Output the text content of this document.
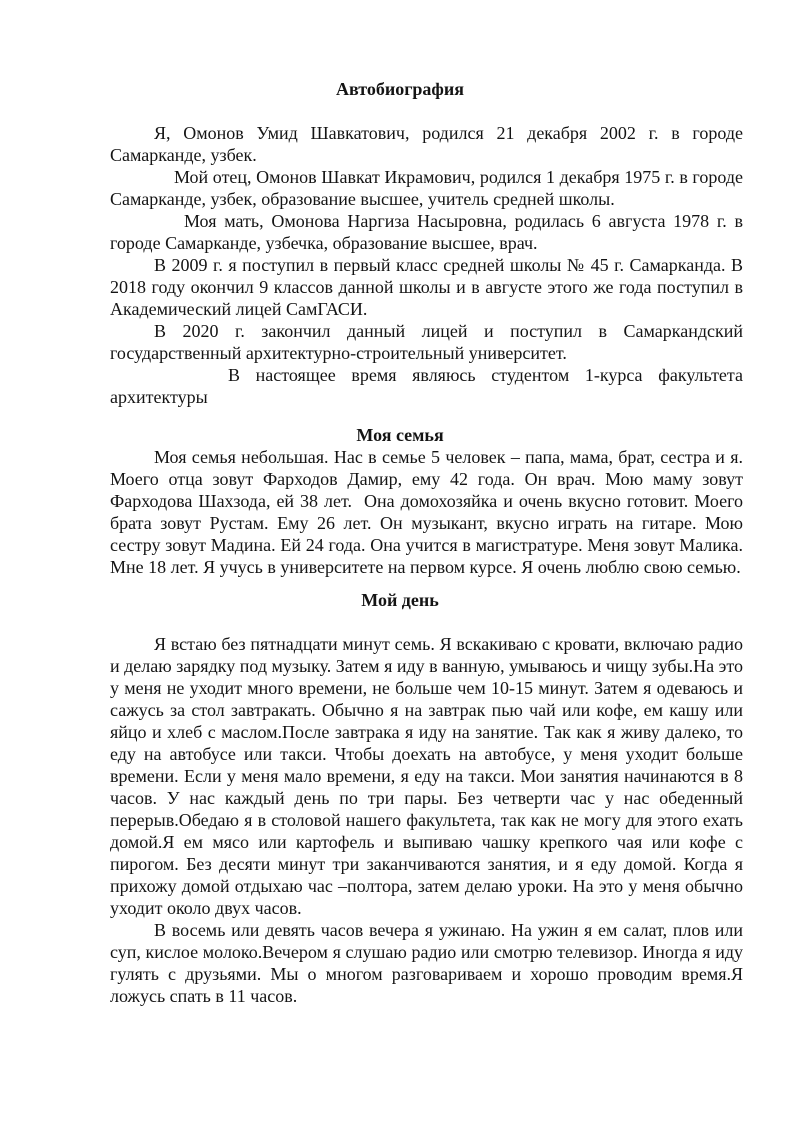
Автобиография

Я, Омонов Умид Шавкатович, родился 21 декабря 2002 г. в городе Самарканде, узбек.

Мой отец, Омонов Шавкат Икрамович, родился 1 декабря 1975 г. в городе Самарканде, узбек, образование высшее, учитель средней школы.

Моя мать, Омонова Наргиза Насыровна, родилась 6 августа 1978 г. в городе Самарканде, узбечка, образование высшее, врач.

В 2009 г. я поступил в первый класс средней школы № 45 г. Самарканда. В 2018 году окончил 9 классов данной школы и в августе этого же года поступил в Академический лицей СамГАСИ.

В 2020 г. закончил данный лицей и поступил в Самаркандский государственный архитектурно-строительный университет.

В настоящее время являюсь студентом 1-курса факультета архитектуры

Моя семья

Моя семья небольшая. Нас в семье 5 человек – папа, мама, брат, сестра и я. Моего отца зовут Фарходов Дамир, ему 42 года. Он врач. Мою маму зовут Фарходова Шахзода, ей 38 лет.  Она домохозяйка и очень вкусно готовит. Моего брата зовут Рустам. Ему 26 лет. Он музыкант, вкусно играть на гитаре. Мою сестру зовут Мадина. Ей 24 года. Она учится в магистратуре. Меня зовут Малика. Мне 18 лет. Я учусь в университете на первом курсе. Я очень люблю свою семью.

Мой день

Я встаю без пятнадцати минут семь. Я вскакиваю с кровати, включаю радио и делаю зарядку под музыку. Затем я иду в ванную, умываюсь и чищу зубы.На это у меня не уходит много времени, не больше чем 10-15 минут. Затем я одеваюсь и сажусь за стол завтракать. Обычно я на завтрак пью чай или кофе, ем кашу или яйцо и хлеб с маслом.После завтрака я иду на занятие. Так как я живу далеко, то еду на автобусе или такси. Чтобы доехать на автобусе, у меня уходит больше времени. Если у меня мало времени, я еду на такси. Мои занятия начинаются в 8 часов. У нас каждый день по три пары. Без четверти час у нас обеденный перерыв.Обедаю я в столовой нашего факультета, так как не могу для этого ехать домой.Я ем мясо или картофель и выпиваю чашку крепкого чая или кофе с пирогом. Без десяти минут три заканчиваются занятия, и я еду домой. Когда я прихожу домой отдыхаю час –полтора, затем делаю уроки. На это у меня обычно уходит около двух часов.

В восемь или девять часов вечера я ужинаю. На ужин я ем салат, плов или суп, кислое молоко.Вечером я слушаю радио или смотрю телевизор. Иногда я иду гулять с друзьями. Мы о многом разговариваем и хорошо проводим время.Я ложусь спать в 11 часов.
